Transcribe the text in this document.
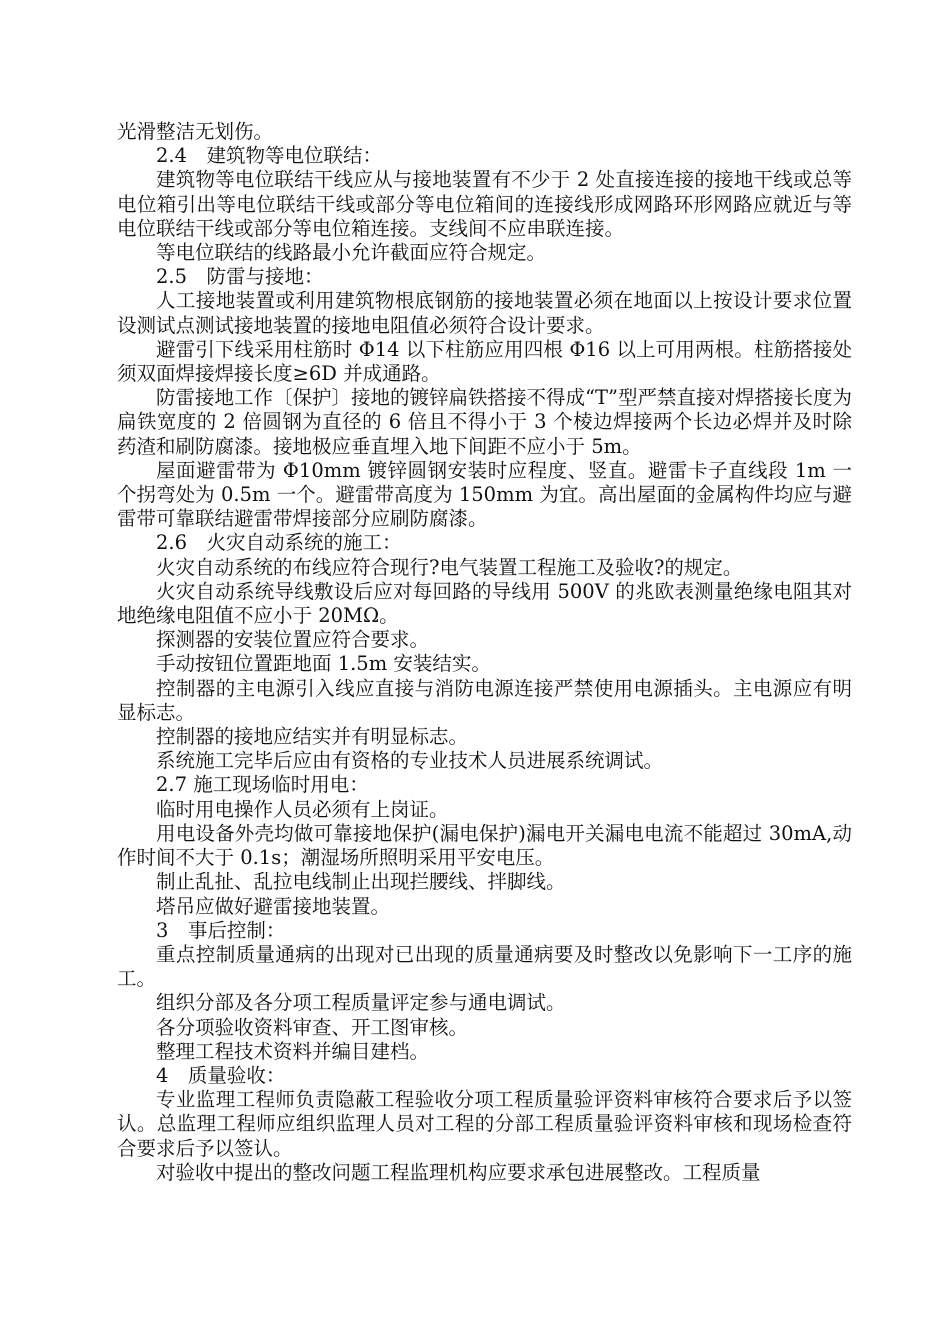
光滑整洁无划伤。

2.4　建筑物等电位联结：

建筑物等电位联结干线应从与接地装置有不少于 2 处直接连接的接地干线或总等电位箱引出等电位联结干线或部分等电位箱间的连接线形成网路环形网路应就近与等电位联结干线或部分等电位箱连接。支线间不应串联连接。

等电位联结的线路最小允许截面应符合规定。

2.5　防雷与接地：

人工接地装置或利用建筑物根底钢筋的接地装置必须在地面以上按设计要求位置设测试点测试接地装置的接地电阻值必须符合设计要求。

避雷引下线采用柱筋时 Φ14 以下柱筋应用四根 Φ16 以上可用两根。柱筋搭接处须双面焊接焊接长度≥6D 并成通路。

防雷接地工作〔保护〕接地的镀锌扁铁搭接不得成“T”型严禁直接对焊搭接长度为扁铁宽度的 2 倍圆钢为直径的 6 倍且不得小于 3 个棱边焊接两个长边必焊并及时除药渣和刷防腐漆。接地极应垂直埋入地下间距不应小于 5m。

屋面避雷带为 Φ10mm 镀锌圆钢安装时应程度、竖直。避雷卡子直线段 1m 一个拐弯处为 0.5m 一个。避雷带高度为 150mm 为宜。高出屋面的金属构件均应与避雷带可靠联结避雷带焊接部分应刷防腐漆。

2.6　火灾自动系统的施工：

火灾自动系统的布线应符合现行?电气装置工程施工及验收?的规定。

火灾自动系统导线敷设后应对每回路的导线用 500V 的兆欧表测量绝缘电阻其对地绝缘电阻值不应小于 20MΩ。

探测器的安装位置应符合要求。

手动按钮位置距地面 1.5m 安装结实。

控制器的主电源引入线应直接与消防电源连接严禁使用电源插头。主电源应有明显标志。

控制器的接地应结实并有明显标志。

系统施工完毕后应由有资格的专业技术人员进展系统调试。

2.7 施工现场临时用电：

临时用电操作人员必须有上岗证。

用电设备外壳均做可靠接地保护(漏电保护)漏电开关漏电电流不能超过 30mA,动作时间不大于 0.1s；潮湿场所照明采用平安电压。

制止乱扯、乱拉电线制止出现拦腰线、拌脚线。

塔吊应做好避雷接地装置。

3　事后控制：

重点控制质量通病的出现对已出现的质量通病要及时整改以免影响下一工序的施工。

组织分部及各分项工程质量评定参与通电调试。

各分项验收资料审查、开工图审核。

整理工程技术资料并编目建档。

4　质量验收：

专业监理工程师负责隐蔽工程验收分项工程质量验评资料审核符合要求后予以签认。总监理工程师应组织监理人员对工程的分部工程质量验评资料审核和现场检查符合要求后予以签认。

对验收中提出的整改问题工程监理机构应要求承包进展整改。工程质量
